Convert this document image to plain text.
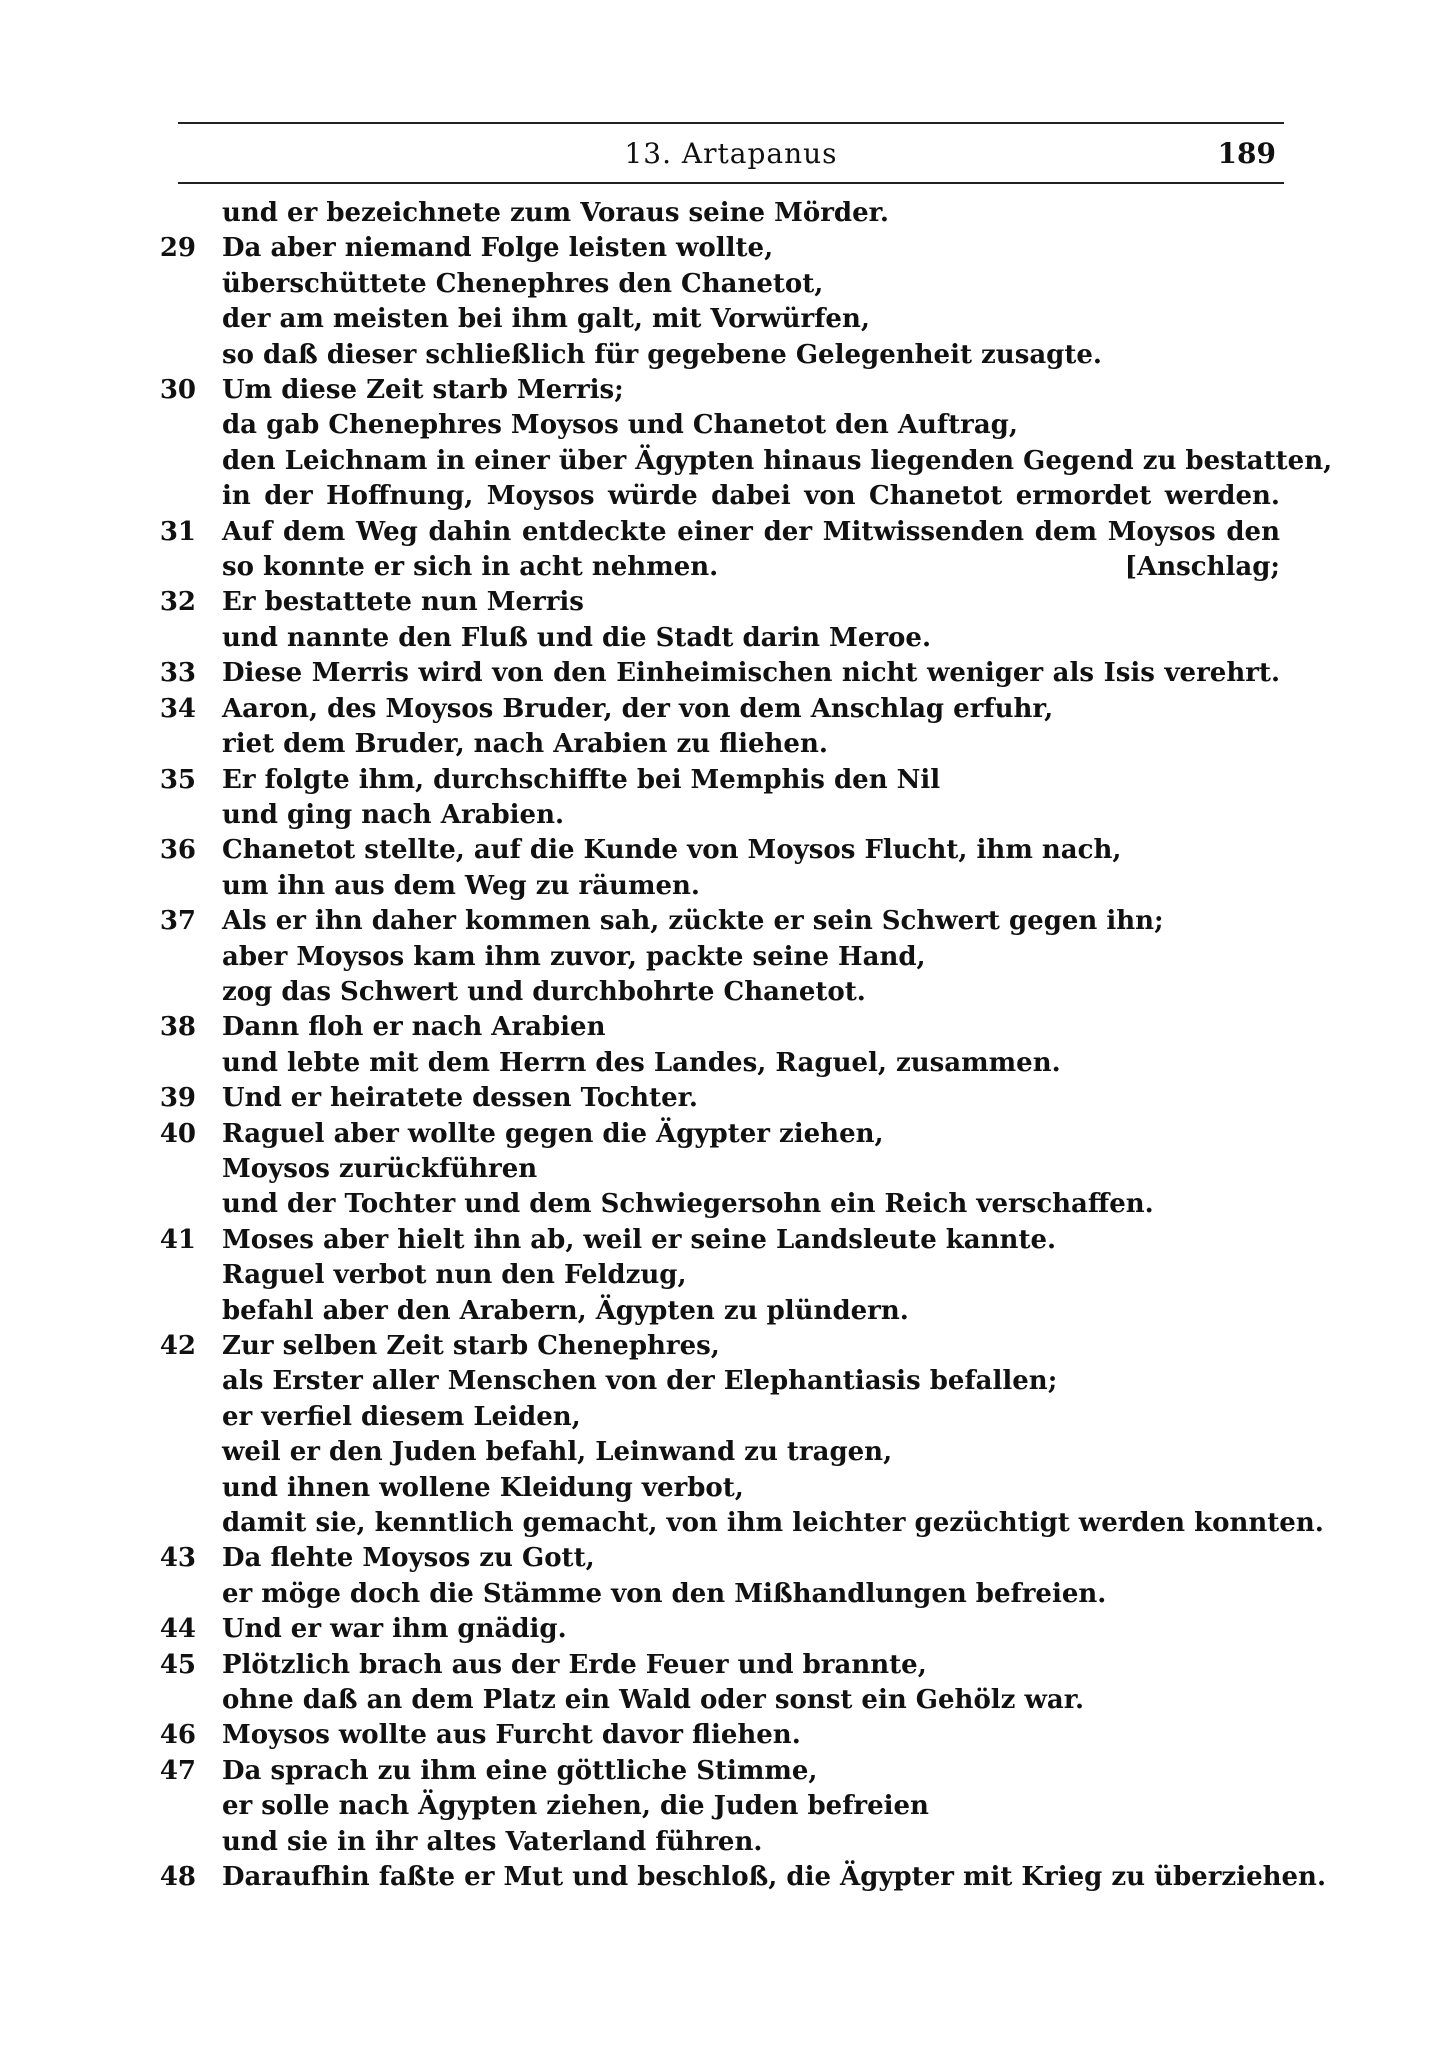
13. Artapanus	189
und er bezeichnete zum Voraus seine Mörder.
29 Da aber niemand Folge leisten wollte,
überschüttete Chenephres den Chanetot,
der am meisten bei ihm galt, mit Vorwürfen,
so daß dieser schließlich für gegebene Gelegenheit zusagte.
30 Um diese Zeit starb Merris;
da gab Chenephres Moysos und Chanetot den Auftrag,
den Leichnam in einer über Ägypten hinaus liegenden Gegend zu bestatten,
in der Hoffnung, Moysos würde dabei von Chanetot ermordet werden.
31 Auf dem Weg dahin entdeckte einer der Mitwissenden dem Moysos den
so konnte er sich in acht nehmen.	[Anschlag;
32 Er bestattete nun Merris
und nannte den Fluß und die Stadt darin Meroe.
33 Diese Merris wird von den Einheimischen nicht weniger als Isis verehrt.
34 Aaron, des Moysos Bruder, der von dem Anschlag erfuhr,
riet dem Bruder, nach Arabien zu fliehen.
35 Er folgte ihm, durchschiffte bei Memphis den Nil
und ging nach Arabien.
36 Chanetot stellte, auf die Kunde von Moysos Flucht, ihm nach,
um ihn aus dem Weg zu räumen.
37 Als er ihn daher kommen sah, zückte er sein Schwert gegen ihn;
aber Moysos kam ihm zuvor, packte seine Hand,
zog das Schwert und durchbohrte Chanetot.
38 Dann floh er nach Arabien
und lebte mit dem Herrn des Landes, Raguel, zusammen.
39 Und er heiratete dessen Tochter.
40 Raguel aber wollte gegen die Ägypter ziehen,
Moysos zurückführen
und der Tochter und dem Schwiegersohn ein Reich verschaffen.
41 Moses aber hielt ihn ab, weil er seine Landsleute kannte.
Raguel verbot nun den Feldzug,
befahl aber den Arabern, Ägypten zu plündern.
42 Zur selben Zeit starb Chenephres,
als Erster aller Menschen von der Elephantiasis befallen;
er verfiel diesem Leiden,
weil er den Juden befahl, Leinwand zu tragen,
und ihnen wollene Kleidung verbot,
damit sie, kenntlich gemacht, von ihm leichter gezüchtigt werden konnten.
43 Da flehte Moysos zu Gott,
er möge doch die Stämme von den Mißhandlungen befreien.
44 Und er war ihm gnädig.
45 Plötzlich brach aus der Erde Feuer und brannte,
ohne daß an dem Platz ein Wald oder sonst ein Gehölz war.
46 Moysos wollte aus Furcht davor fliehen.
47 Da sprach zu ihm eine göttliche Stimme,
er solle nach Ägypten ziehen, die Juden befreien
und sie in ihr altes Vaterland führen.
48 Daraufhin faßte er Mut und beschloß, die Ägypter mit Krieg zu überziehen.
